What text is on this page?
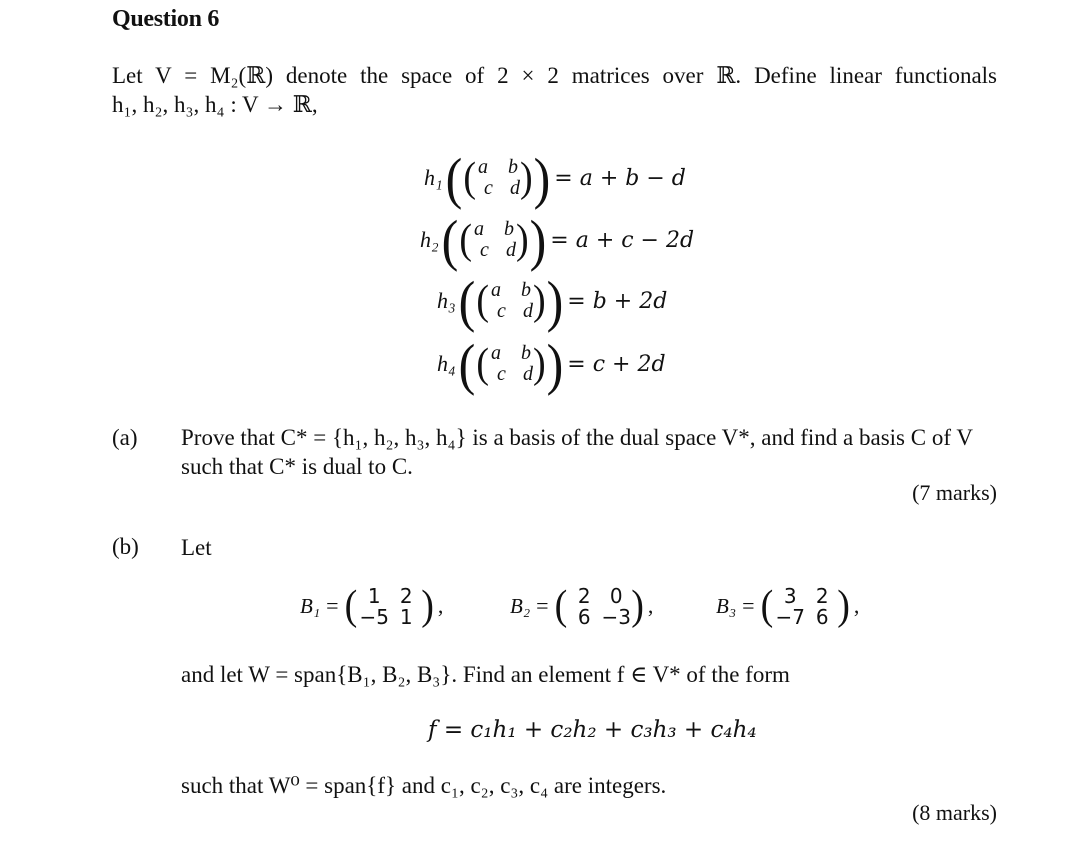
Question 6
Let V = M₂(ℝ) denote the space of 2 × 2 matrices over ℝ. Define linear functionals
h₁, h₂, h₃, h₄ : V → ℝ,
h₁ ( ( a	b
c d ) ) = a + b − d
h₂ ( ( a	b
c d ) ) = a + c − 2d
h₃ ( ( a	b
c d ) ) = b + 2d
h₄ ( ( a	b
c d ) ) = c + 2d
(a) Prove that C* = {h₁, h₂, h₃, h₄} is a basis of the dual space V*, and find a basis C of V
such that C* is dual to C.
(7 marks)
(b) Let
B₁ = ( 1 2
−5 1 ) ,	B₂ = ( 2 0
6 −3 ) ,	B₃ = ( 3 2
−7 6 ) ,
and let W = span{B₁, B₂, B₃}. Find an element f ∈ V* of the form
f = c₁h₁ + c₂h₂ + c₃h₃ + c₄h₄
such that W⁰ = span{f} and c₁, c₂, c₃, c₄ are integers.
(8 marks)
